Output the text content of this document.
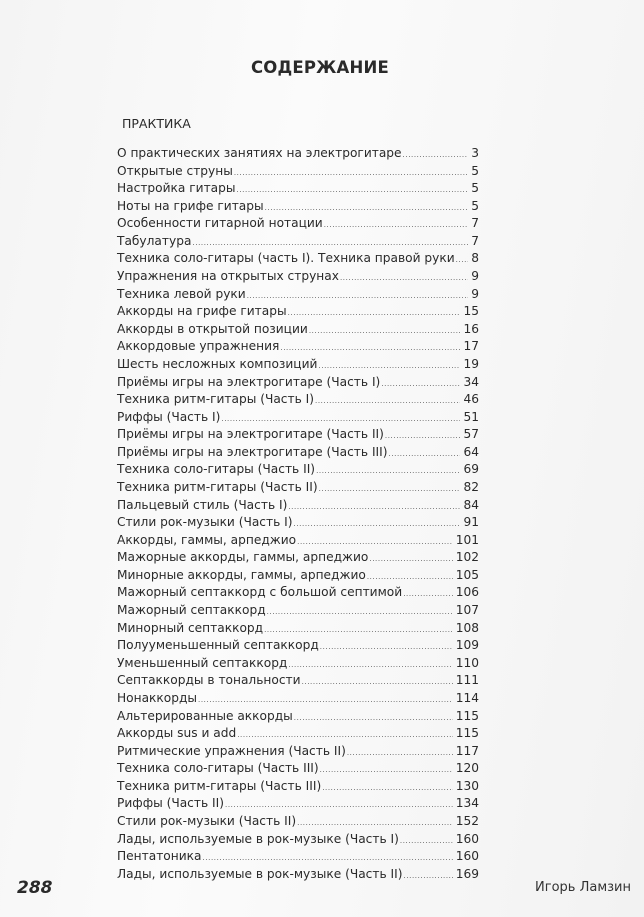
СОДЕРЖАНИЕ
ПРАКТИКА
О практических занятиях на электрогитаре .....	3
Открытые струны .....	5
Настройка гитары .....	5
Ноты на грифе гитары .....	5
Особенности гитарной нотации .....	7
Табулатура .....	7
Техника соло-гитары (часть I). Техника правой руки ..... 8
Упражнения на открытых струнах .....	9
Техника левой руки .....	9
Аккорды на грифе гитары .....	15
Аккорды в открытой позиции .....	16
Аккордовые упражнения .....	17
Шесть несложных композиций .....	19
Приёмы игры на электрогитаре (Часть I) .....	34
Техника ритм-гитары (Часть I) .....	46
Риффы (Часть I) .....	51
Приёмы игры на электрогитаре (Часть II) .....	57
Приёмы игры на электрогитаре (Часть III) .....	64
Техника соло-гитары (Часть II) .....	69
Техника ритм-гитары (Часть II) .....	82
Пальцевый стиль (Часть I) .....	84
Стили рок-музыки (Часть I) .....	91
Аккорды, гаммы, арпеджио .....	101
Мажорные аккорды, гаммы, арпеджио .....	102
Минорные аккорды, гаммы, арпеджио .....	105
Мажорный септаккорд с большой септимой .....	106
Мажорный септаккорд .....	107
Минорный септаккорд .....	108
Полууменьшенный септаккорд .....	109
Уменьшенный септаккорд .....	110
Септаккорды в тональности .....	111
Нонаккорды .....	114
Альтерированные аккорды .....	115
Аккорды sus и add .....	115
Ритмические упражнения (Часть II) .....	117
Техника соло-гитары (Часть III) .....	120
Техника ритм-гитары (Часть III) .....	130
Риффы (Часть II) .....	134
Стили рок-музыки (Часть II) .....	152
Лады, используемые в рок-музыке (Часть I) .....	160
Пентатоника .....	160
Лады, используемые в рок-музыке (Часть II) .....	169
288	Игорь Ламзин
